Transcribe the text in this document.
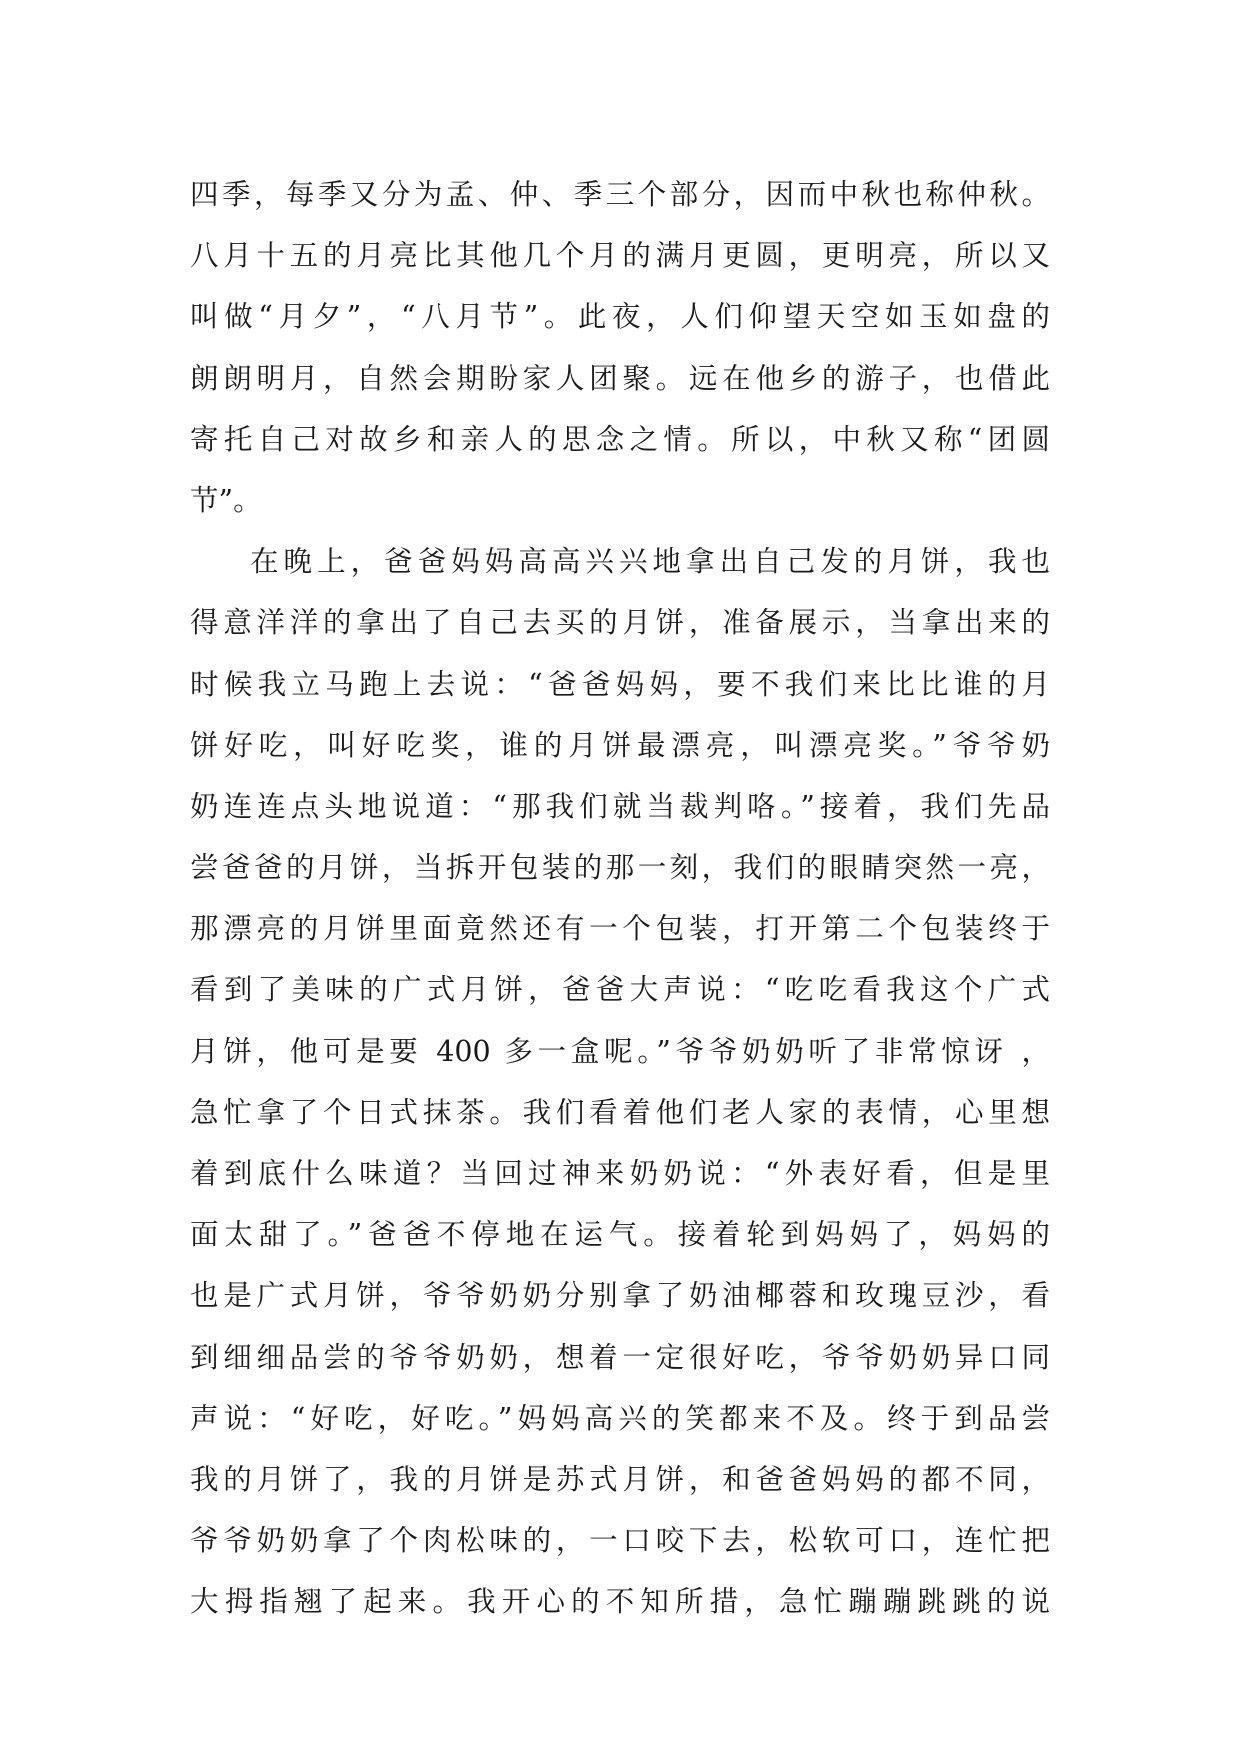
四季，每季又分为孟、仲、季三个部分，因而中秋也称仲秋。
八月十五的月亮比其他几个月的满月更圆，更明亮，所以又
叫做“月夕”，“八月节”。此夜，人们仰望天空如玉如盘的
朗朗明月，自然会期盼家人团聚。远在他乡的游子，也借此
寄托自己对故乡和亲人的思念之情。所以，中秋又称“团圆
节”。
在晚上，爸爸妈妈高高兴兴地拿出自己发的月饼，我也
得意洋洋的拿出了自己去买的月饼，准备展示，当拿出来的
时候我立马跑上去说：“爸爸妈妈，要不我们来比比谁的月
饼好吃，叫好吃奖，谁的月饼最漂亮，叫漂亮奖。”爷爷奶
奶连连点头地说道：“那我们就当裁判咯。”接着，我们先品
尝爸爸的月饼，当拆开包装的那一刻，我们的眼睛突然一亮，
那漂亮的月饼里面竟然还有一个包装，打开第二个包装终于
看到了美味的广式月饼，爸爸大声说：“吃吃看我这个广式
月饼，他可是要 400 多一盒呢。”爷爷奶奶听了非常惊讶 ，
急忙拿了个日式抹茶。我们看着他们老人家的表情，心里想
着到底什么味道？当回过神来奶奶说：“外表好看，但是里
面太甜了。”爸爸不停地在运气。接着轮到妈妈了，妈妈的
也是广式月饼，爷爷奶奶分别拿了奶油椰蓉和玫瑰豆沙，看
到细细品尝的爷爷奶奶，想着一定很好吃，爷爷奶奶异口同
声说：“好吃，好吃。”妈妈高兴的笑都来不及。终于到品尝
我的月饼了，我的月饼是苏式月饼，和爸爸妈妈的都不同，
爷爷奶奶拿了个肉松味的，一口咬下去，松软可口，连忙把
大拇指翘了起来。我开心的不知所措，急忙蹦蹦跳跳的说
